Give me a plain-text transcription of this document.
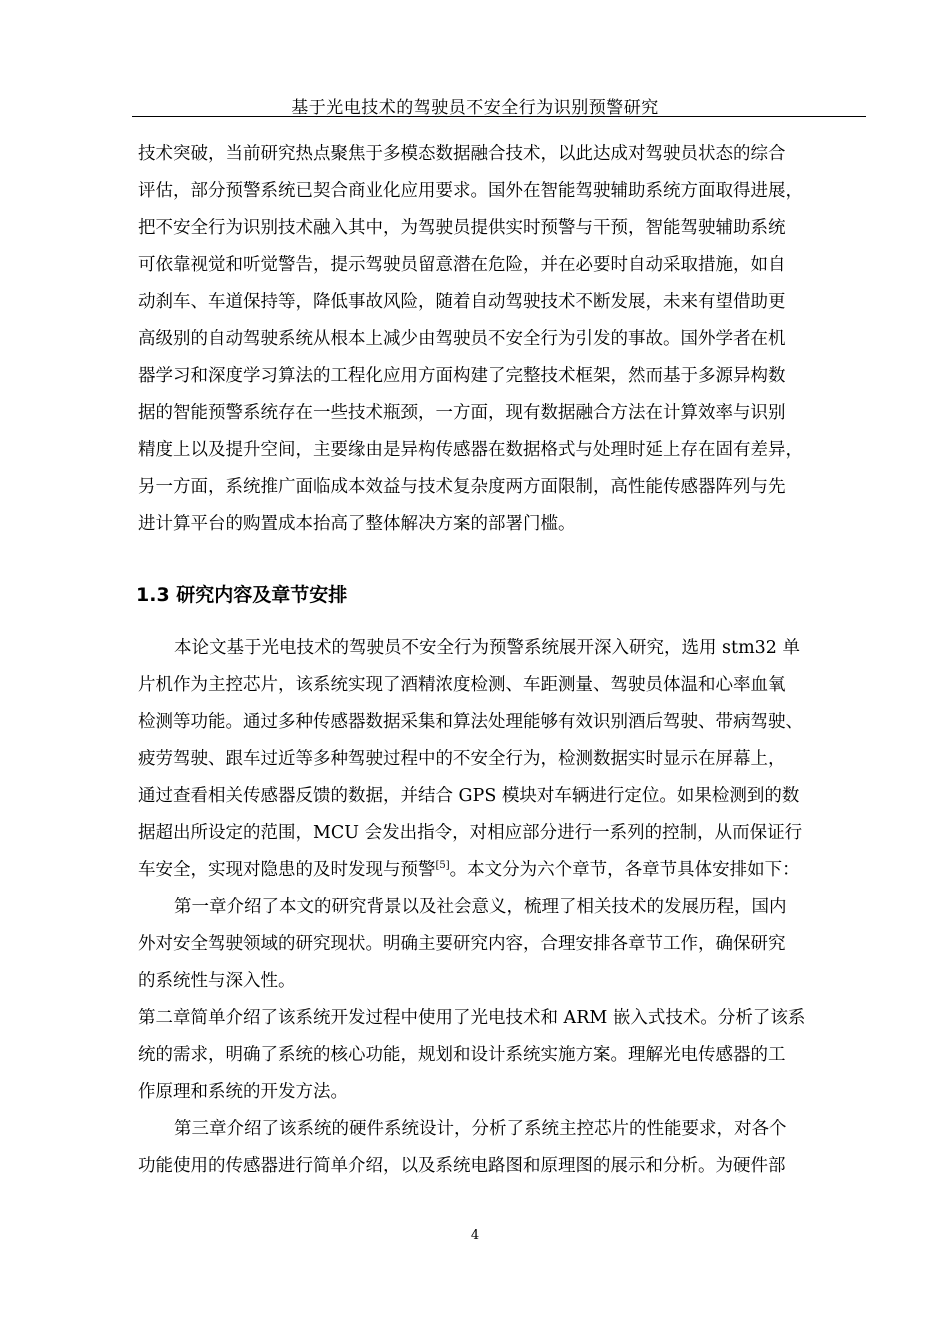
基于光电技术的驾驶员不安全行为识别预警研究
技术突破，当前研究热点聚焦于多模态数据融合技术，以此达成对驾驶员状态的综合
评估，部分预警系统已契合商业化应用要求。国外在智能驾驶辅助系统方面取得进展，
把不安全行为识别技术融入其中，为驾驶员提供实时预警与干预，智能驾驶辅助系统
可依靠视觉和听觉警告，提示驾驶员留意潜在危险，并在必要时自动采取措施，如自
动刹车、车道保持等，降低事故风险，随着自动驾驶技术不断发展，未来有望借助更
高级别的自动驾驶系统从根本上减少由驾驶员不安全行为引发的事故。国外学者在机
器学习和深度学习算法的工程化应用方面构建了完整技术框架，然而基于多源异构数
据的智能预警系统存在一些技术瓶颈，一方面，现有数据融合方法在计算效率与识别
精度上以及提升空间，主要缘由是异构传感器在数据格式与处理时延上存在固有差异，
另一方面，系统推广面临成本效益与技术复杂度两方面限制，高性能传感器阵列与先
进计算平台的购置成本抬高了整体解决方案的部署门槛。
1.3 研究内容及章节安排
本论文基于光电技术的驾驶员不安全行为预警系统展开深入研究，选用 stm32 单
片机作为主控芯片，该系统实现了酒精浓度检测、车距测量、驾驶员体温和心率血氧
检测等功能。通过多种传感器数据采集和算法处理能够有效识别酒后驾驶、带病驾驶、
疲劳驾驶、跟车过近等多种驾驶过程中的不安全行为，检测数据实时显示在屏幕上，
通过查看相关传感器反馈的数据，并结合 GPS 模块对车辆进行定位。如果检测到的数
据超出所设定的范围，MCU 会发出指令，对相应部分进行一系列的控制，从而保证行
车安全，实现对隐患的及时发现与预警[5]。本文分为六个章节，各章节具体安排如下：
第一章介绍了本文的研究背景以及社会意义，梳理了相关技术的发展历程，国内
外对安全驾驶领域的研究现状。明确主要研究内容，合理安排各章节工作，确保研究
的系统性与深入性。
第二章简单介绍了该系统开发过程中使用了光电技术和 ARM 嵌入式技术。分析了该系
统的需求，明确了系统的核心功能，规划和设计系统实施方案。理解光电传感器的工
作原理和系统的开发方法。
第三章介绍了该系统的硬件系统设计，分析了系统主控芯片的性能要求，对各个
功能使用的传感器进行简单介绍，以及系统电路图和原理图的展示和分析。为硬件部
4
